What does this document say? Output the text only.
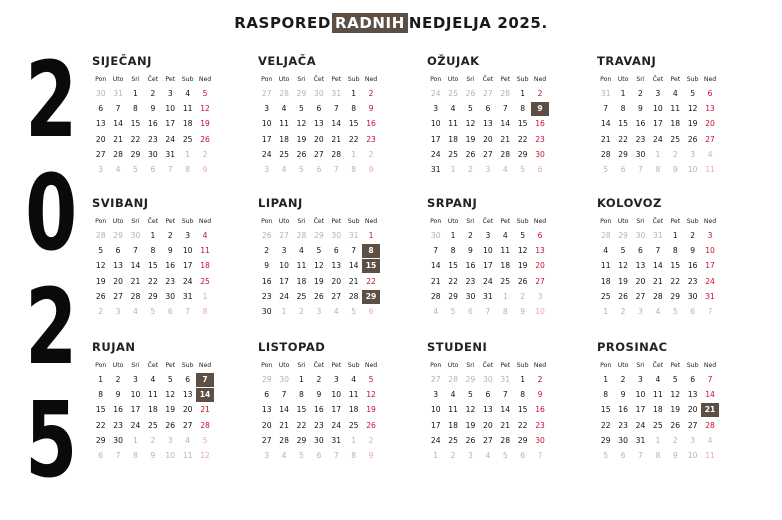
RASPORED RADNIH NEDJELJA 2025.
2
0
2
5
SIJEČANJ
Pon	Uto	Sri	Čet	Pet	Sub Ned
30	31	1	2	3	4	5
6	7	8	9	10	11	12
13	14	15	16	17	18	19
20	21	22	23	24	25	26
27	28	29	30	31	1	2
3	4	5	6	7	8	9
VELJAČA
Pon	Uto	Sri	Čet	Pet	Sub Ned
27	28	29	30	31	1	2
3	4	5	6	7	8	9
10	11	12	13	14	15	16
17	18	19	20	21	22	23
24	25	26	27	28	1	2
3	4	5	6	7	8	9
OŽUJAK
Pon	Uto	Sri	Čet	Pet	Sub Ned
24	25	26	27	28	1	2
3	4	5	6	7	8	9
10	11	12	13	14	15	16
17	18	19	20	21	22	23
24	25	26	27	28	29	30
31	1	2	3	4	5	6
TRAVANJ
Pon	Uto	Sri	Čet	Pet	Sub Ned
31	1	2	3	4	5	6
7	8	9	10	11	12	13
14	15	16	17	18	19	20
21	22	23	24	25	26	27
28	29	30	1	2	3	4
5	6	7	8	9	10	11
SVIBANJ
Pon	Uto	Sri	Čet	Pet	Sub Ned
28	29	30	1	2	3	4
5	6	7	8	9	10	11
12	13	14	15	16	17	18
19	20	21	22	23	24	25
26	27	28	29	30	31	1
2	3	4	5	6	7	8
LIPANJ
Pon	Uto	Sri	Čet	Pet	Sub Ned
26	27	28	29	30	31	1
2	3	4	5	6	7	8
9	10	11	12	13	14 15
16	17	18	19	20	21	22
23	24	25	26	27	28 29
30	1	2	3	4	5	6
SRPANJ
Pon	Uto	Sri	Čet	Pet	Sub Ned
30	1	2	3	4	5	6
7	8	9	10	11	12	13
14	15	16	17	18	19	20
21	22	23	24	25	26	27
28	29	30	31	1	2	3
4	5	6	7	8	9	10
KOLOVOZ
Pon	Uto	Sri	Čet	Pet	Sub Ned
28	29	30	31	1	2	3
4	5	6	7	8	9	10
11	12	13	14	15	16	17
18	19	20	21	22	23	24
25	26	27	28	29	30	31
1	2	3	4	5	6	7
RUJAN
Pon	Uto	Sri	Čet	Pet	Sub Ned
1	2	3	4	5	6	7
8	9	10	11	12	13 14
15	16	17	18	19	20	21
22	23	24	25	26	27	28
29	30	1	2	3	4	5
6	7	8	9	10	11	12
LISTOPAD
Pon	Uto	Sri	Čet	Pet	Sub Ned
29	30	1	2	3	4	5
6	7	8	9	10	11	12
13	14	15	16	17	18	19
20	21	22	23	24	25	26
27	28	29	30	31	1	2
3	4	5	6	7	8	9
STUDENI
Pon	Uto	Sri	Čet	Pet	Sub Ned
27	28	29	30	31	1	2
3	4	5	6	7	8	9
10	11	12	13	14	15	16
17	18	19	20	21	22	23
24	25	26	27	28	29	30
1	2	3	4	5	6	7
PROSINAC
Pon	Uto	Sri	Čet	Pet	Sub Ned
1	2	3	4	5	6	7
8	9	10	11	12	13	14
15	16	17	18	19	20 21
22	23	24	25	26	27	28
29	30	31	1	2	3	4
5	6	7	8	9	10	11
